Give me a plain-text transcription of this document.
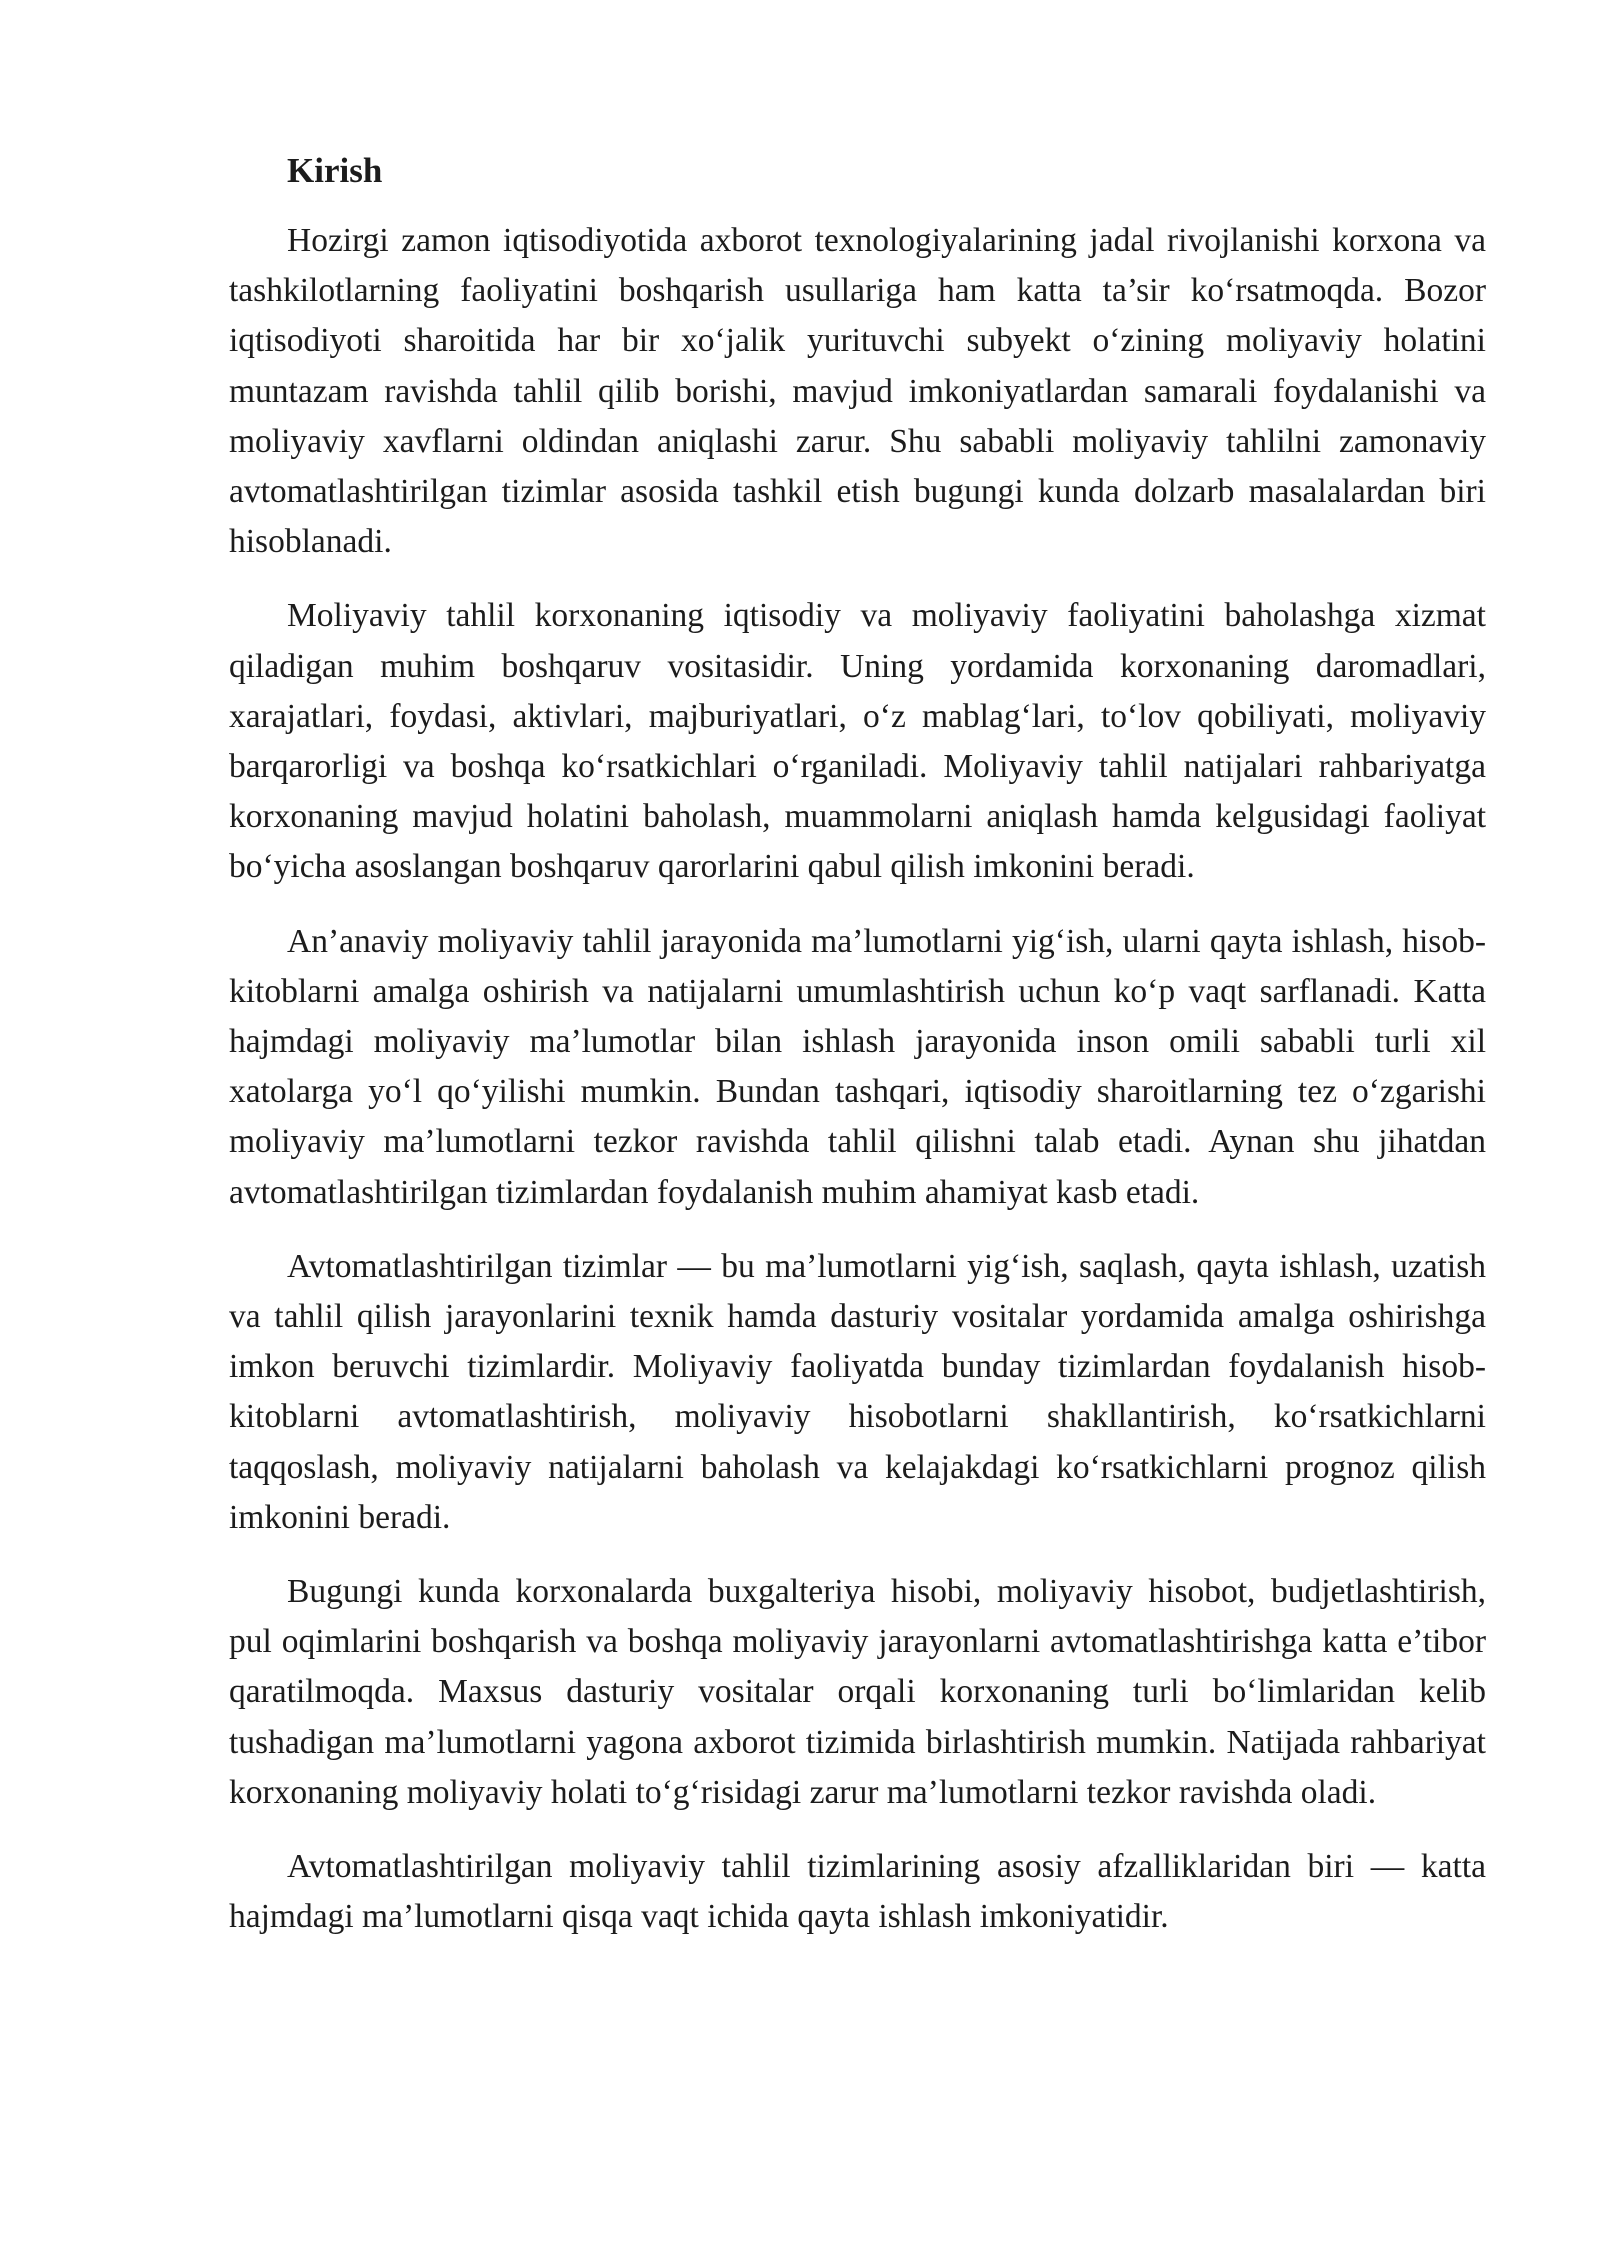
Kirish

Hozirgi zamon iqtisodiyotida axborot texnologiyalarining jadal rivojlanishi korxona va tashkilotlarning faoliyatini boshqarish usullariga ham katta ta’sir ko‘rsatmoqda. Bozor iqtisodiyoti sharoitida har bir xo‘jalik yurituvchi subyekt o‘zining moliyaviy holatini muntazam ravishda tahlil qilib borishi, mavjud imkoniyatlardan samarali foydalanishi va moliyaviy xavflarni oldindan aniqlashi zarur. Shu sababli moliyaviy tahlilni zamonaviy avtomatlashtirilgan tizimlar asosida tashkil etish bugungi kunda dolzarb masalalardan biri hisoblanadi.

Moliyaviy tahlil korxonaning iqtisodiy va moliyaviy faoliyatini baholashga xizmat qiladigan muhim boshqaruv vositasidir. Uning yordamida korxonaning daromadlari, xarajatlari, foydasi, aktivlari, majburiyatlari, o‘z mablag‘lari, to‘lov qobiliyati, moliyaviy barqarorligi va boshqa ko‘rsatkichlari o‘rganiladi. Moliyaviy tahlil natijalari rahbariyatga korxonaning mavjud holatini baholash, muammolarni aniqlash hamda kelgusidagi faoliyat bo‘yicha asoslangan boshqaruv qarorlarini qabul qilish imkonini beradi.

An’anaviy moliyaviy tahlil jarayonida ma’lumotlarni yig‘ish, ularni qayta ishlash, hisob-kitoblarni amalga oshirish va natijalarni umumlashtirish uchun ko‘p vaqt sarflanadi. Katta hajmdagi moliyaviy ma’lumotlar bilan ishlash jarayonida inson omili sababli turli xil xatolarga yo‘l qo‘yilishi mumkin. Bundan tashqari, iqtisodiy sharoitlarning tez o‘zgarishi moliyaviy ma’lumotlarni tezkor ravishda tahlil qilishni talab etadi. Aynan shu jihatdan avtomatlashtirilgan tizimlardan foydalanish muhim ahamiyat kasb etadi.

Avtomatlashtirilgan tizimlar — bu ma’lumotlarni yig‘ish, saqlash, qayta ishlash, uzatish va tahlil qilish jarayonlarini texnik hamda dasturiy vositalar yordamida amalga oshirishga imkon beruvchi tizimlardir. Moliyaviy faoliyatda bunday tizimlardan foydalanish hisob-kitoblarni avtomatlashtirish, moliyaviy hisobotlarni shakllantirish, ko‘rsatkichlarni taqqoslash, moliyaviy natijalarni baholash va kelajakdagi ko‘rsatkichlarni prognoz qilish imkonini beradi.

Bugungi kunda korxonalarda buxgalteriya hisobi, moliyaviy hisobot, budjetlashtirish, pul oqimlarini boshqarish va boshqa moliyaviy jarayonlarni avtomatlashtirishga katta e’tibor qaratilmoqda. Maxsus dasturiy vositalar orqali korxonaning turli bo‘limlaridan kelib tushadigan ma’lumotlarni yagona axborot tizimida birlashtirish mumkin. Natijada rahbariyat korxonaning moliyaviy holati to‘g‘risidagi zarur ma’lumotlarni tezkor ravishda oladi.

Avtomatlashtirilgan moliyaviy tahlil tizimlarining asosiy afzalliklaridan biri — katta hajmdagi ma’lumotlarni qisqa vaqt ichida qayta ishlash imkoniyatidir.
